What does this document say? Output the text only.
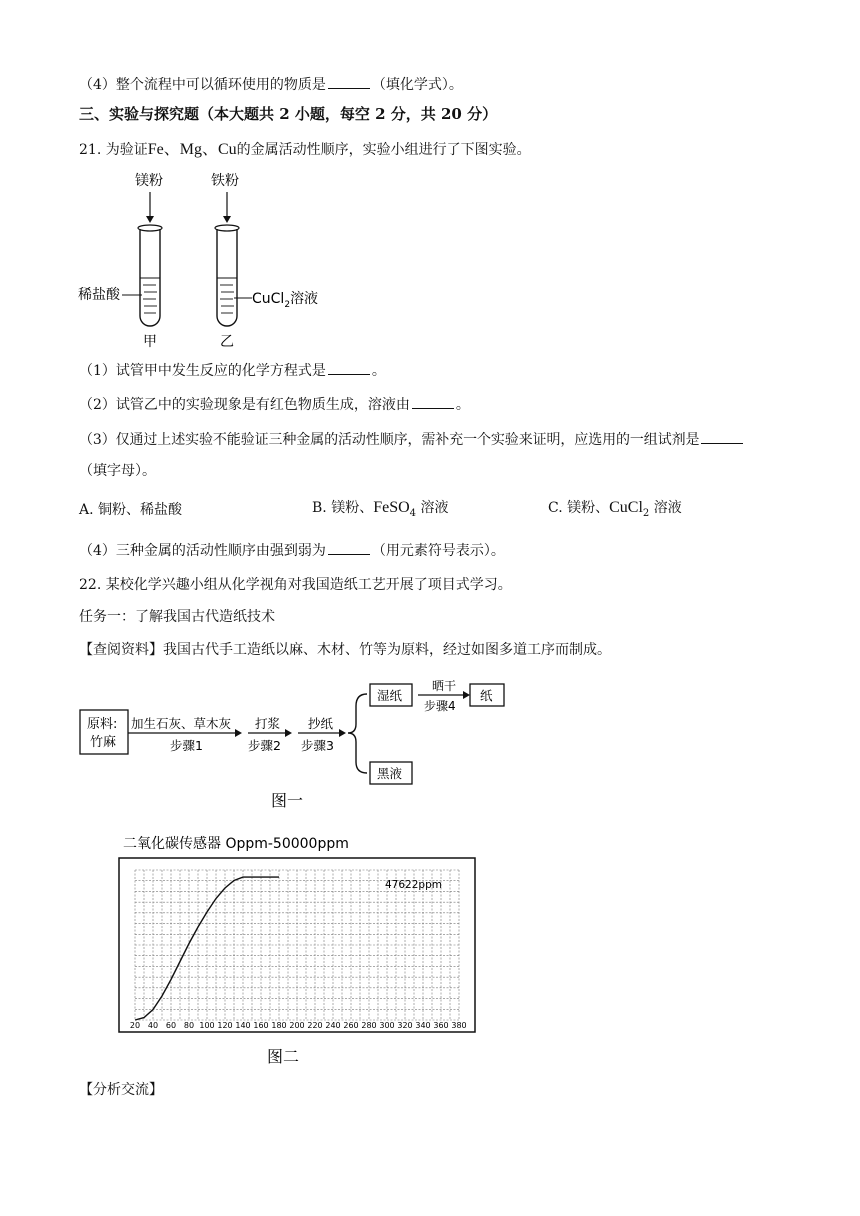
（4）整个流程中可以循环使用的物质是	（填化学式）。
三、实验与探究题（本大题共 2 小题，每空 2 分，共 20 分）
21. 为验证Fe、Mg、Cu的金属活动性顺序，实验小组进行了下图实验。
镁粉	铁粉
稀盐酸	CuCl$_2$溶液
甲	乙
（1）试管甲中发生反应的化学方程式是	。
（2）试管乙中的实验现象是有红色物质生成，溶液由	。
（3）仅通过上述实验不能验证三种金属的活动性顺序，需补充一个实验来证明，应选用的一组试剂是
（填字母）。
A. 铜粉、稀盐酸	B. 镁粉、FeSO$_4$ 溶液	C. 镁粉、CuCl$_2$ 溶液
（4）三种金属的活动性顺序由强到弱为	（用元素符号表示）。
22. 某校化学兴趣小组从化学视角对我国造纸工艺开展了项目式学习。
任务一：了解我国古代造纸技术
【查阅资料】我国古代手工造纸以麻、木材、竹等为原料，经过如图多道工序而制成。
原料:
竹麻
加生石灰、草木灰
步骤1
打浆
步骤2
抄纸
步骤3
湿纸
晒干
步骤4
纸
黑液
图一
二氧化碳传感器 Oppm-50000ppm
20 40 60 80 100 120 140 160 180 200 220 240 260 280 300 320 340 360 380
47622ppm
图二
【分析交流】
